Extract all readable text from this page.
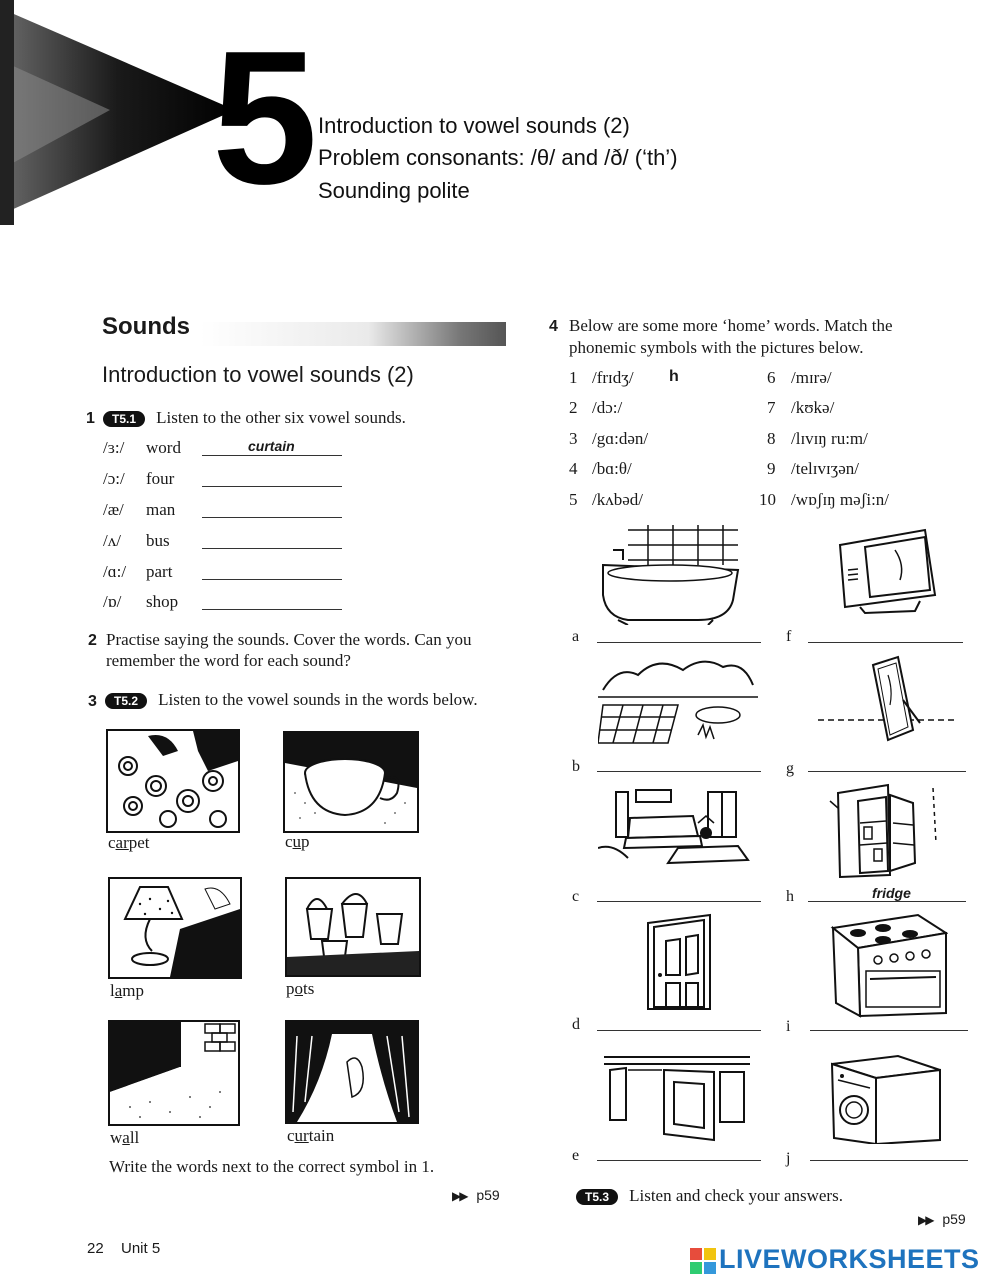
5 Introduction to vowel sounds (2)
Problem consonants: /θ/ and /ð/ (‘th’)
Sounding polite
Sounds
Introduction to vowel sounds (2)
1	T5.1 Listen to the other six vowel sounds.
/ɜ:/ word	curtain
/ɔ:/ four
/æ/ man
/ʌ/ bus
/ɑ:/ part
/ɒ/ shop
2 Practise saying the sounds. Cover the words. Can you
remember the word for each sound?
3	T5.2 Listen to the vowel sounds in the words below.
carpet	cup
lamp	pots
wall	curtain
Write the words next to the correct symbol in 1.
▶▶ p59
4 Below are some more ‘home’ words. Match the
phonemic symbols with the pictures below.
1 /frɪdʒ/ h
2 /dɔ:/
3 /gɑ:dən/
4 /bɑ:θ/
5 /kʌbəd/
6 /mɪrə/
7 /kʊkə/
8 /lɪvɪŋ ru:m/
9 /telɪvɪʒən/
10 /wɒʃɪŋ məʃi:n/
a	f
b	g
c	h	fridge
d	i
e	j
T5.3 Listen and check your answers.
▶▶ p59
22 Unit 5	LIVEWORKSHEETS
